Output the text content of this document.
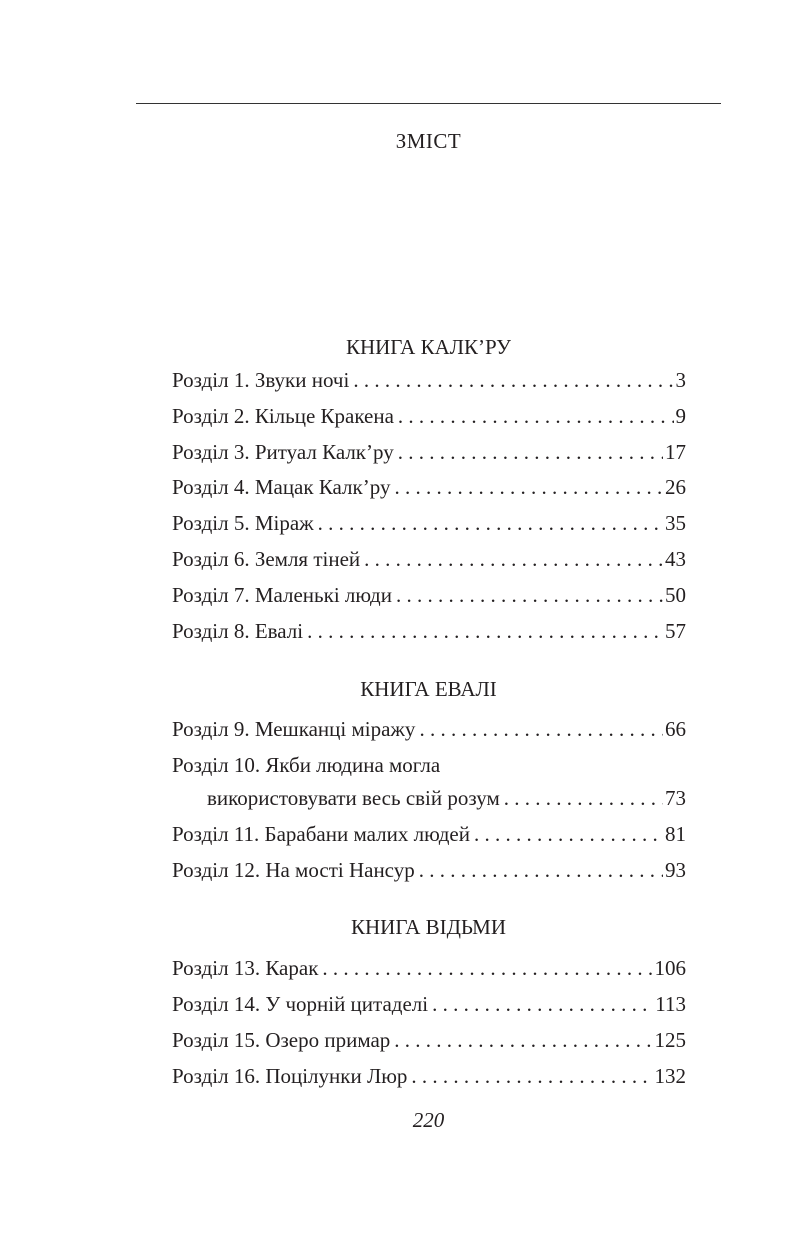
ЗМІСТ
КНИГА КАЛК’РУ
Розділ 1. Звуки ночі . . .	3
Розділ 2. Кільце Кракена . . .	9
Розділ 3. Ритуал Калк’ру . . .	17
Розділ 4. Мацак Калк’ру . . .	26
Розділ 5. Міраж . . .	35
Розділ 6. Земля тіней . . .	43
Розділ 7. Маленькі люди . . .	50
Розділ 8. Евалі . . .	57
КНИГА ЕВАЛІ
Розділ 9. Мешканці міражу . . .	66
Розділ 10. Якби людина могла
використовувати весь свій розум . . .	73
Розділ 11. Барабани малих людей . . .	81
Розділ 12. На мості Нансур . . .	93
КНИГА ВІДЬМИ
Розділ 13. Карак . . .	106
Розділ 14. У чорній цитаделі . . .	113
Розділ 15. Озеро примар . . .	125
Розділ 16. Поцілунки Люр . . .	132
220
